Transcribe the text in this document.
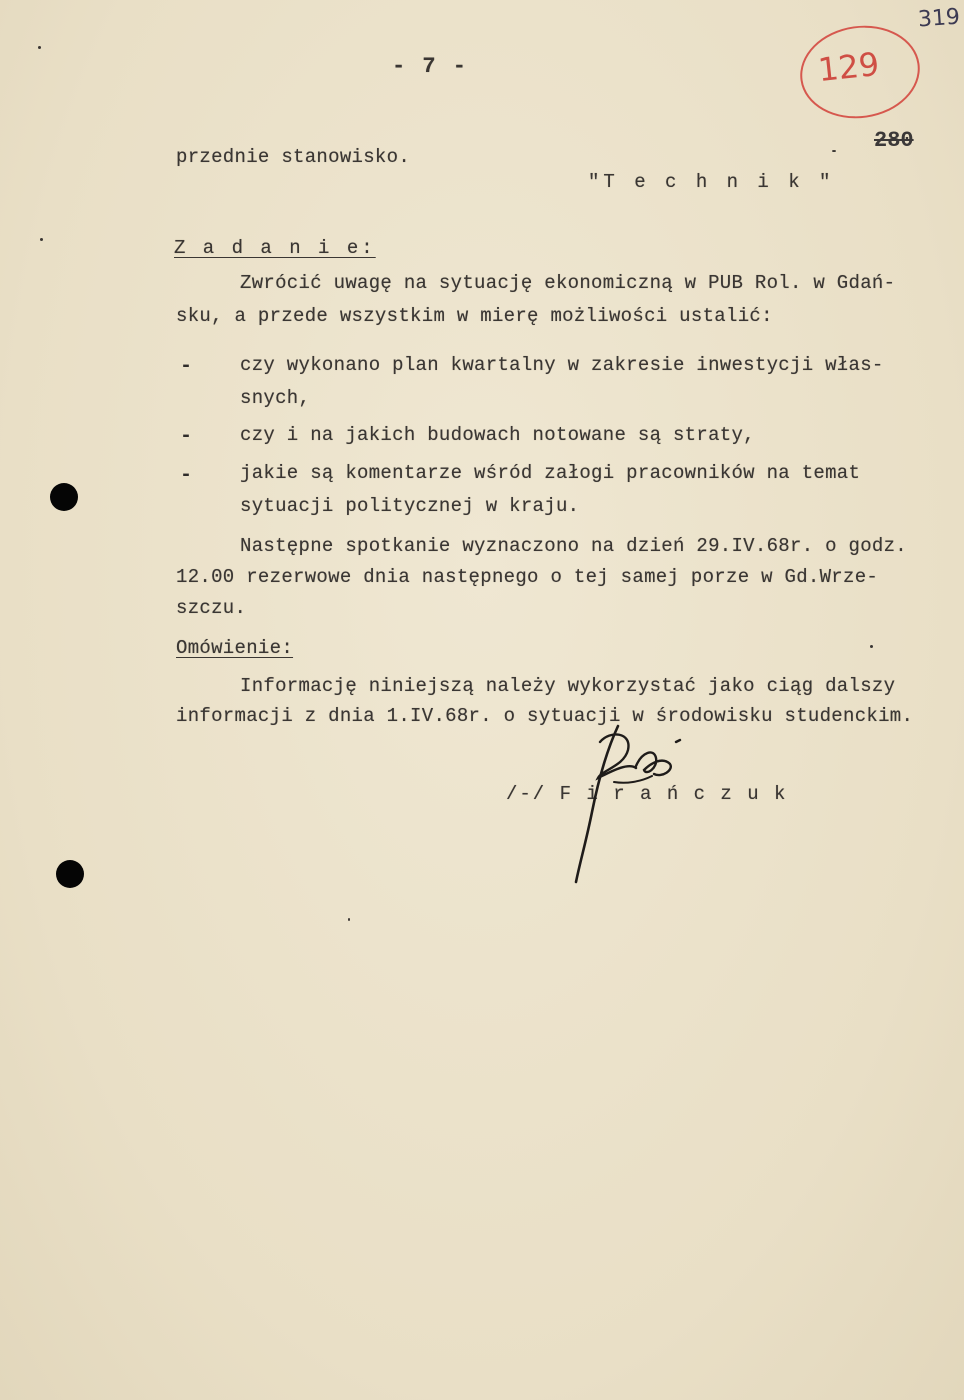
319
129
280
- 7 -
przednie stanowisko.
"T e c h n i k "
Z a d a n i e:
Zwrócić uwagę na sytuację ekonomiczną w PUB Rol. w Gdań-
sku, a przede wszystkim w mierę możliwości ustalić:
-	czy wykonano plan kwartalny w zakresie inwestycji włas-
snych,
-	czy i na jakich budowach notowane są straty,
-	jakie są komentarze wśród załogi pracowników na temat
sytuacji politycznej w kraju.
Następne spotkanie wyznaczono na dzień 29.IV.68r. o godz.
12.00 rezerwowe dnia następnego o tej samej porze w Gd.Wrze-
szczu.
Omówienie:
Informację niniejszą należy wykorzystać jako ciąg dalszy
informacji z dnia 1.IV.68r. o sytuacji w środowisku studenckim.
/-/ F i r a ń c z u k
